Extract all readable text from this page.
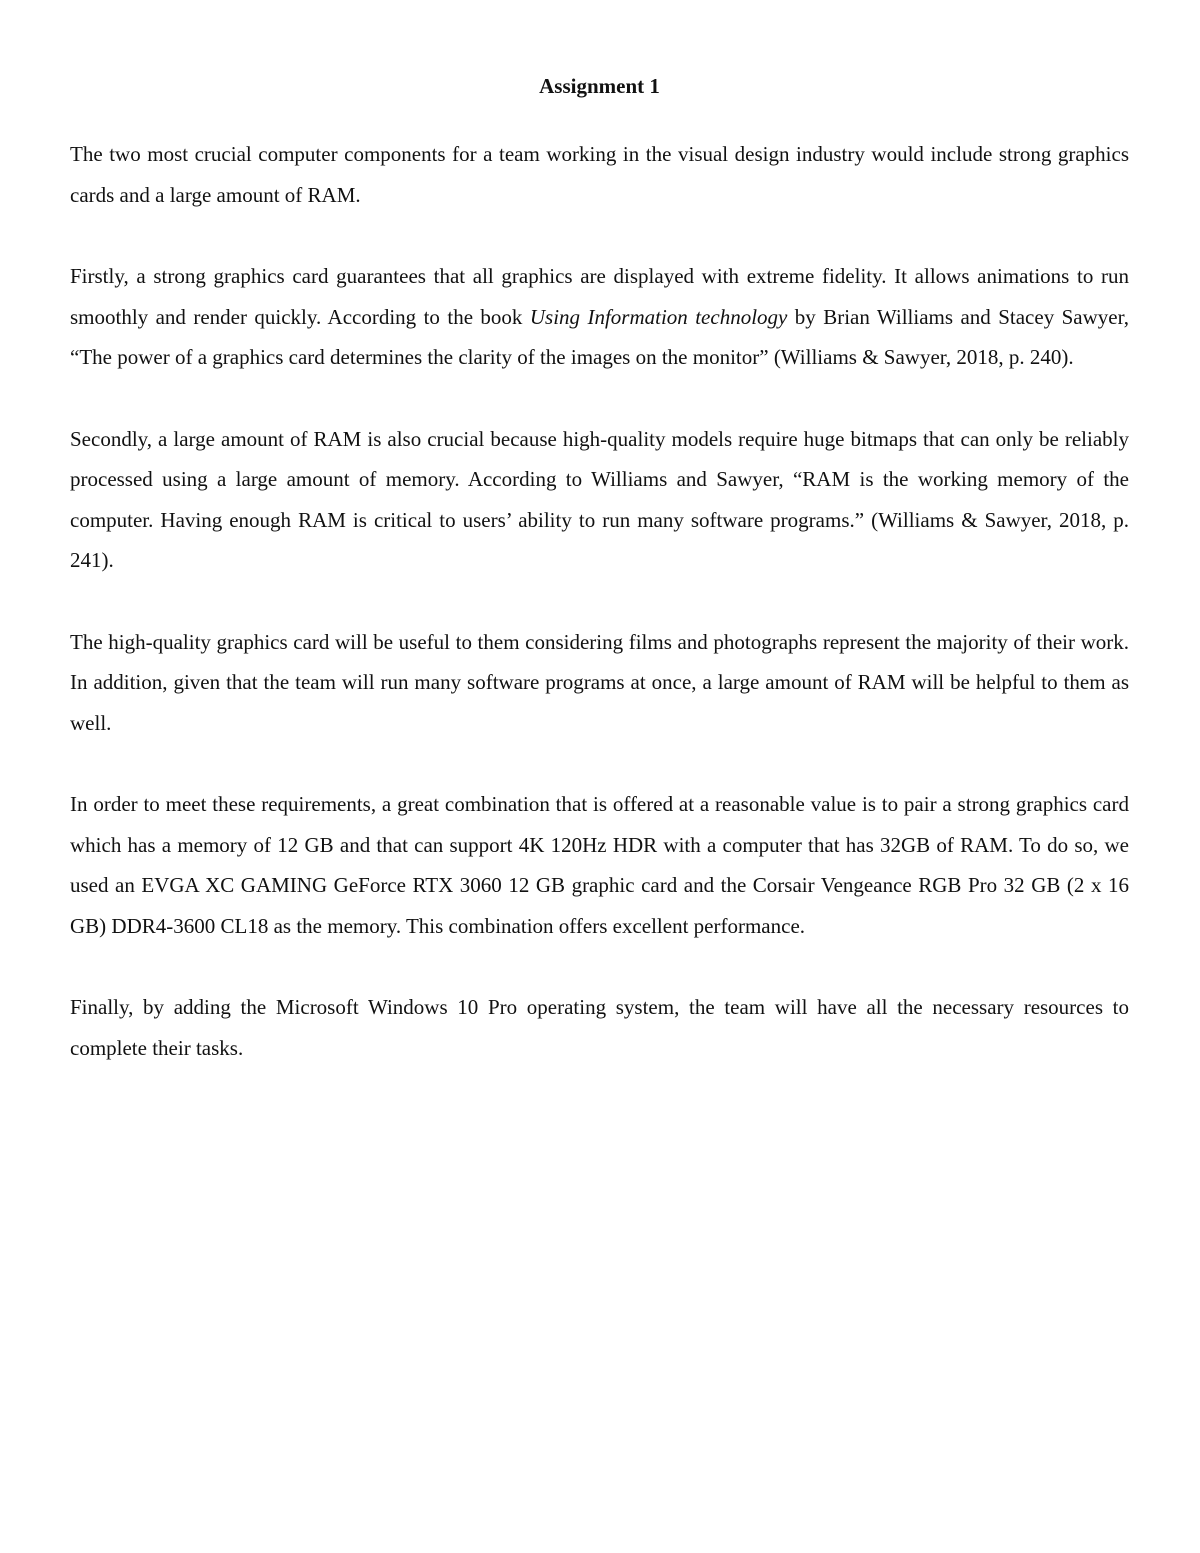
Assignment 1

The two most crucial computer components for a team working in the visual design industry would include strong graphics cards and a large amount of RAM.

Firstly, a strong graphics card guarantees that all graphics are displayed with extreme fidelity. It allows animations to run smoothly and render quickly. According to the book Using Information technology by Brian Williams and Stacey Sawyer, “The power of a graphics card determines the clarity of the images on the monitor” (Williams & Sawyer, 2018, p. 240).

Secondly, a large amount of RAM is also crucial because high-quality models require huge bitmaps that can only be reliably processed using a large amount of memory. According to Williams and Sawyer, “RAM is the working memory of the computer. Having enough RAM is critical to users’ ability to run many software programs.” (Williams & Sawyer, 2018, p. 241).

The high-quality graphics card will be useful to them considering films and photographs represent the majority of their work. In addition, given that the team will run many software programs at once, a large amount of RAM will be helpful to them as well.

In order to meet these requirements, a great combination that is offered at a reasonable value is to pair a strong graphics card which has a memory of 12 GB and that can support 4K 120Hz HDR with a computer that has 32GB of RAM. To do so, we used an EVGA XC GAMING GeForce RTX 3060 12 GB graphic card and the Corsair Vengeance RGB Pro 32 GB (2 x 16 GB) DDR4-3600 CL18 as the memory. This combination offers excellent performance.

Finally, by adding the Microsoft Windows 10 Pro operating system, the team will have all the necessary resources to complete their tasks.
